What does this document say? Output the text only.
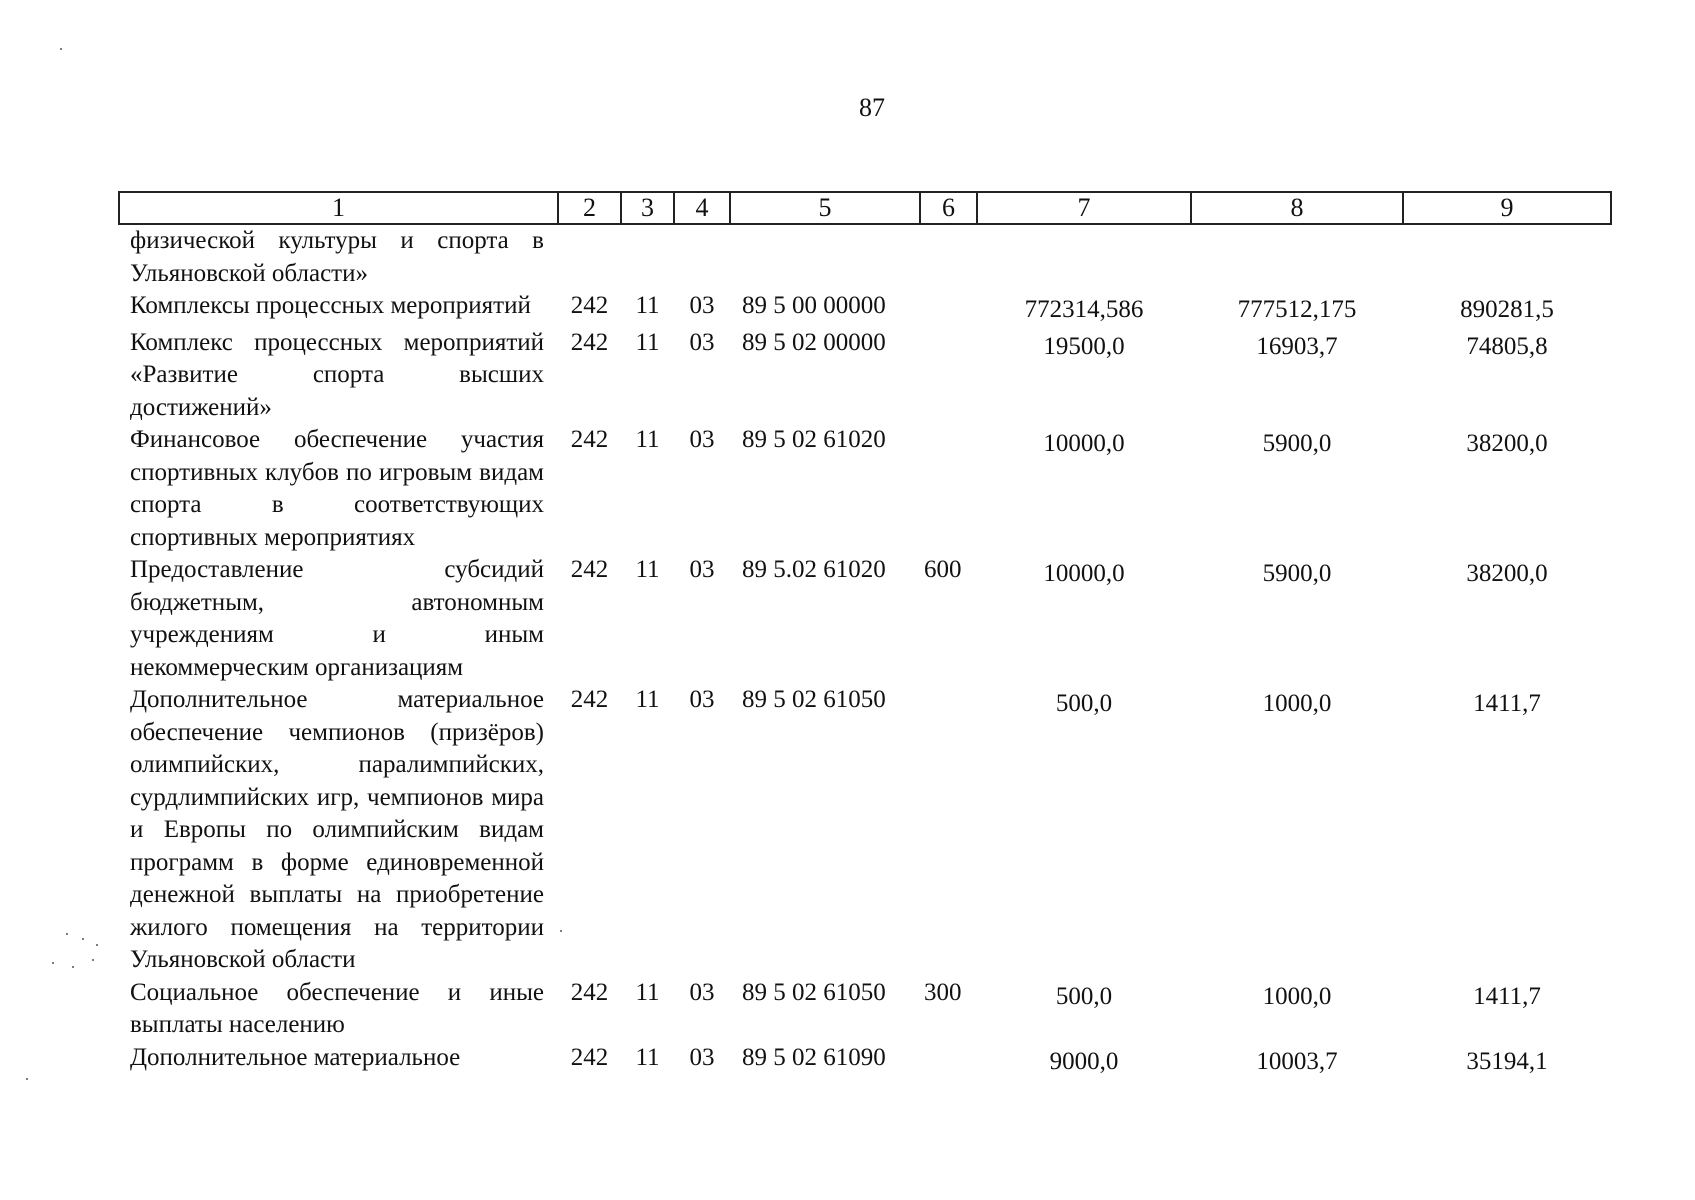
87
1	2	3	4	5	6	7	8	9
физической культуры и спорта в Ульяновской области»								
Комплексы процессных мероприятий	242	11	03	89 5 00 00000		772314,586	777512,175	890281,5
Комплекс процессных мероприятий «Развитие спорта высших достижений»	242	11	03	89 5 02 00000		19500,0	16903,7	74805,8
Финансовое обеспечение участия спортивных клубов по игровым видам спорта в соответствующих спортивных мероприятиях	242	11	03	89 5 02 61020		10000,0	5900,0	38200,0
Предоставление субсидий бюджетным, автономным учреждениям и иным некоммерческим организациям	242	11	03	89 5.02 61020	600	10000,0	5900,0	38200,0
Дополнительное материальное обеспечение чемпионов (призёров) олимпийских, паралимпийских, сурдлимпийских игр, чемпионов мира и Европы по олимпийским видам программ в форме единовременной денежной выплаты на приобретение жилого помещения на территории Ульяновской области	242	11	03	89 5 02 61050		500,0	1000,0	1411,7
Социальное обеспечение и иные выплаты населению	242	11	03	89 5 02 61050	300	500,0	1000,0	1411,7
Дополнительное материальное	242	11	03	89 5 02 61090		9000,0	10003,7	35194,1
